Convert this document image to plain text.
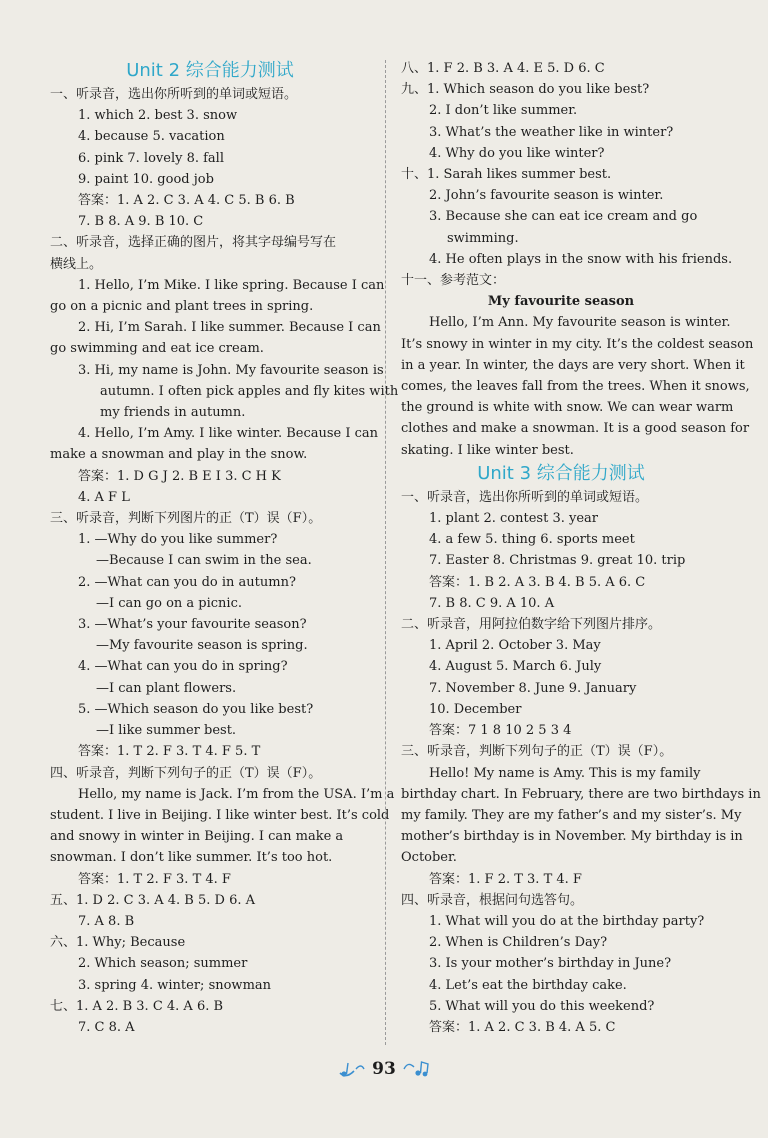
Unit 2 综合能力测试
一、听录音，选出你所听到的单词或短语。
1. which 2. best 3. snow
4. because 5. vacation
6. pink 7. lovely 8. fall
9. paint 10. good job
答案：1. A 2. C 3. A 4. C 5. B 6. B
7. B 8. A 9. B 10. C
二、听录音，选择正确的图片，将其字母编号写在
横线上。
1. Hello, I’m Mike. I like spring. Because I can
go on a picnic and plant trees in spring.
2. Hi, I’m Sarah. I like summer. Because I can
go swimming and eat ice cream.
3. Hi, my name is John. My favourite season is
autumn. I often pick apples and fly kites with
my friends in autumn.
4. Hello, I’m Amy. I like winter. Because I can
make a snowman and play in the snow.
答案：1. D G J 2. B E I 3. C H K
4. A F L
三、听录音，判断下列图片的正（T）误（F）。
1. —Why do you like summer?
—Because I can swim in the sea.
2. —What can you do in autumn?
—I can go on a picnic.
3. —What’s your favourite season?
—My favourite season is spring.
4. —What can you do in spring?
—I can plant flowers.
5. —Which season do you like best?
—I like summer best.
答案：1. T 2. F 3. T 4. F 5. T
四、听录音，判断下列句子的正（T）误（F）。
Hello, my name is Jack. I’m from the USA. I’m a
student. I live in Beijing. I like winter best. It’s cold
and snowy in winter in Beijing. I can make a
snowman. I don’t like summer. It’s too hot.
答案：1. T 2. F 3. T 4. F
五、1. D 2. C 3. A 4. B 5. D 6. A
7. A 8. B
六、1. Why; Because
2. Which season; summer
3. spring 4. winter; snowman
七、1. A 2. B 3. C 4. A 6. B
7. C 8. A
八、1. F 2. B 3. A 4. E 5. D 6. C
九、1. Which season do you like best?
2. I don’t like summer.
3. What’s the weather like in winter?
4. Why do you like winter?
十、1. Sarah likes summer best.
2. John’s favourite season is winter.
3. Because she can eat ice cream and go
swimming.
4. He often plays in the snow with his friends.
十一、参考范文：
My favourite season
Hello, I’m Ann. My favourite season is winter.
It’s snowy in winter in my city. It’s the coldest season
in a year. In winter, the days are very short. When it
comes, the leaves fall from the trees. When it snows,
the ground is white with snow. We can wear warm
clothes and make a snowman. It is a good season for
skating. I like winter best.
Unit 3 综合能力测试
一、听录音，选出你所听到的单词或短语。
1. plant 2. contest 3. year
4. a few 5. thing 6. sports meet
7. Easter 8. Christmas 9. great 10. trip
答案：1. B 2. A 3. B 4. B 5. A 6. C
7. B 8. C 9. A 10. A
二、听录音，用阿拉伯数字给下列图片排序。
1. April 2. October 3. May
4. August 5. March 6. July
7. November 8. June 9. January
10. December
答案：7 1 8 10 2 5 3 4
三、听录音，判断下列句子的正（T）误（F）。
Hello! My name is Amy. This is my family
birthday chart. In February, there are two birthdays in
my family. They are my father’s and my sister’s. My
mother’s birthday is in November. My birthday is in
October.
答案：1. F 2. T 3. T 4. F
四、听录音，根据问句选答句。
1. What will you do at the birthday party?
2. When is Children’s Day?
3. Is your mother’s birthday in June?
4. Let’s eat the birthday cake.
5. What will you do this weekend?
答案：1. A 2. C 3. B 4. A 5. C
93
